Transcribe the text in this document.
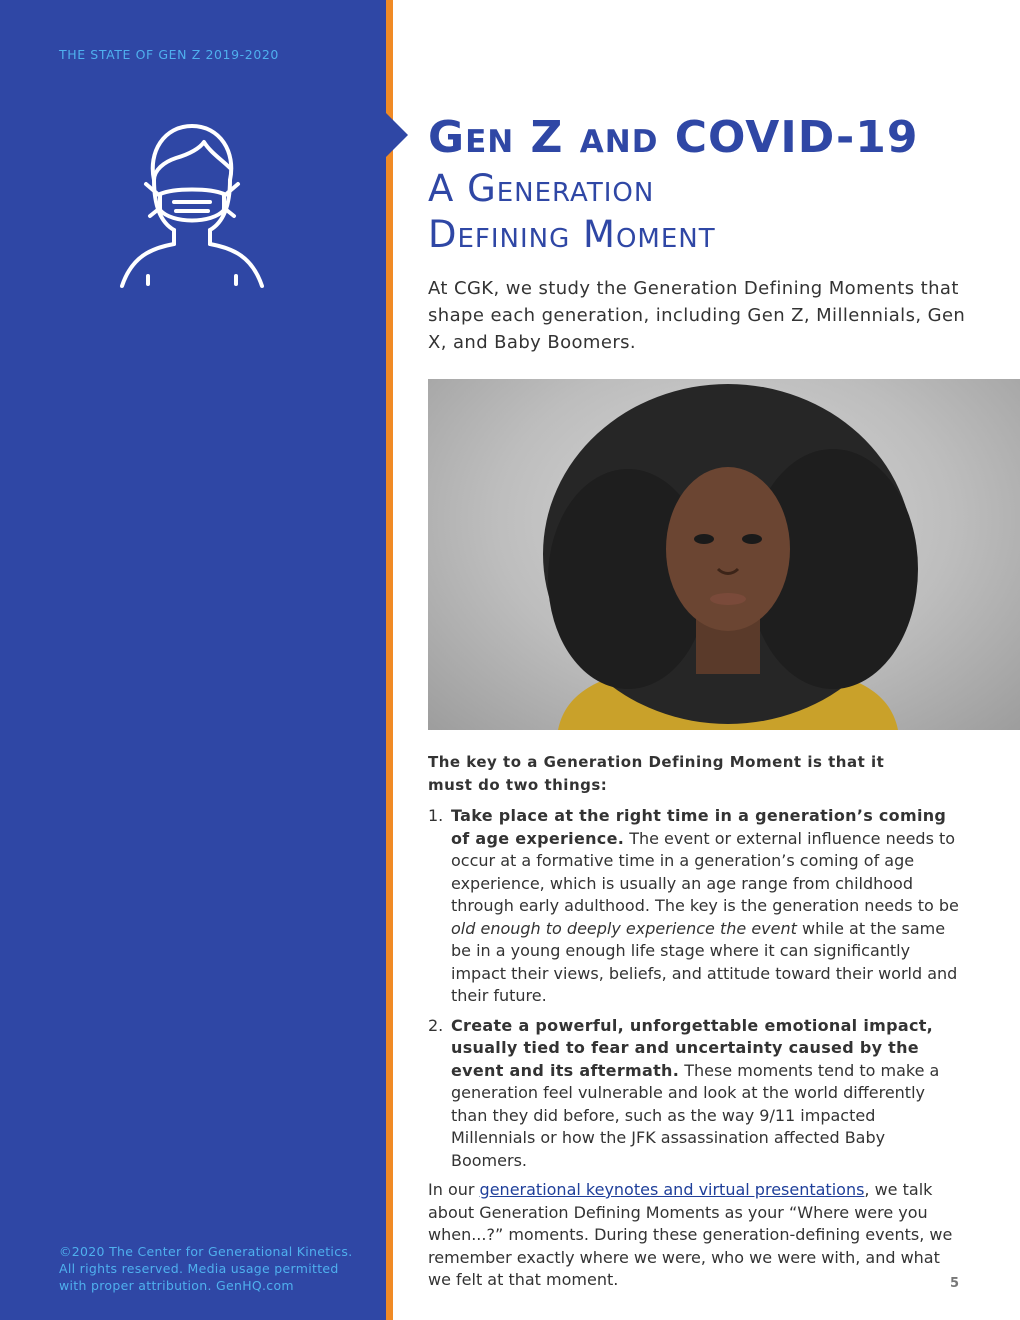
THE STATE OF GEN Z 2019-2020
©2020 The Center for Generational Kinetics.
All rights reserved. Media usage permitted
with proper attribution. GenHQ.com
Gen Z and COVID-19
A Generation
Defining Moment
At CGK, we study the Generation Defining Moments that shape each generation, including Gen Z, Millennials, Gen X, and Baby Boomers.

The key to a Generation Defining Moment is that it
must do two things:

1. Take place at the right time in a generation’s coming of age experience. The event or external influence needs to occur at a formative time in a generation’s coming of age experience, which is usually an age range from childhood through early adulthood. The key is the generation needs to be old enough to deeply experience the event while at the same be in a young enough life stage where it can significantly impact their views, beliefs, and attitude toward their world and their future.
2. Create a powerful, unforgettable emotional impact, usually tied to fear and uncertainty caused by the event and its aftermath. These moments tend to make a generation feel vulnerable and look at the world differently than they did before, such as the way 9/11 impacted Millennials or how the JFK assassination affected Baby Boomers.

In our generational keynotes and virtual presentations, we talk about Generation Defining Moments as your “Where were you when...?” moments. During these generation-defining events, we remember exactly where we were, who we were with, and what we felt at that moment.	5
